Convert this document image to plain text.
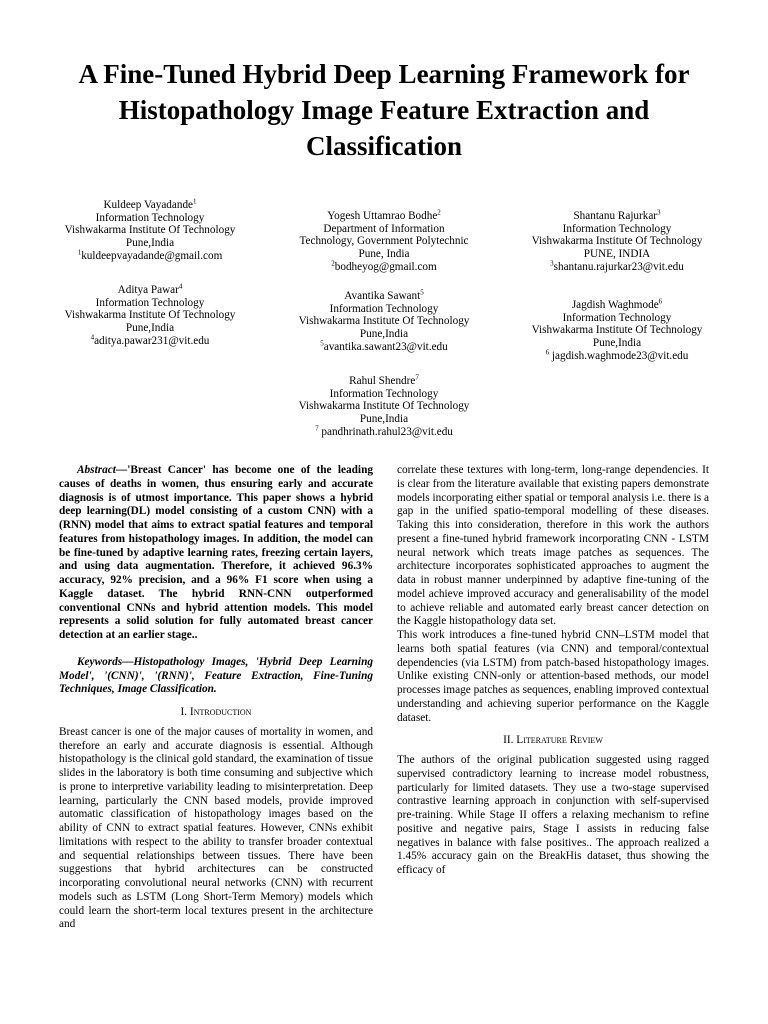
A Fine-Tuned Hybrid Deep Learning Framework for Histopathology Image Feature Extraction and Classification
Kuldeep Vayadande$^1$
Information Technology
Vishwakarma Institute Of Technology
Pune,India
$^1$kuldeepvayadande@gmail.com
Yogesh Uttamrao Bodhe$^2$
Department of Information
Technology, Government Polytechnic
Pune, India
$^2$bodheyog@gmail.com
Shantanu Rajurkar$^3$
Information Technology
Vishwakarma Institute Of Technology
PUNE, INDIA
$^3$shantanu.rajurkar23@vit.edu
Aditya Pawar$^4$
Information Technology
Vishwakarma Institute Of Technology
Pune,India
$^4$aditya.pawar231@vit.edu
Avantika Sawant$^5$
Information Technology
Vishwakarma Institute Of Technology
Pune,India
$^5$avantika.sawant23@vit.edu
Jagdish Waghmode$^6$
Information Technology
Vishwakarma Institute Of Technology
Pune,India
$^6$ jagdish.waghmode23@vit.edu
Rahul Shendre$^7$
Information Technology
Vishwakarma Institute Of Technology
Pune,India
$^7$ pandhrinath.rahul23@vit.edu

Abstract—'Breast Cancer' has become one of the leading causes of deaths in women, thus ensuring early and accurate diagnosis is of utmost importance. This paper shows a hybrid deep learning(DL) model consisting of a custom CNN) with a (RNN) model that aims to extract spatial features and temporal features from histopathology images. In addition, the model can be fine-tuned by adaptive learning rates, freezing certain layers, and using data augmentation. Therefore, it achieved 96.3% accuracy, 92% precision, and a 96% F1 score when using a Kaggle dataset. The hybrid RNN-CNN outperformed conventional CNNs and hybrid attention models. This model represents a solid solution for fully automated breast cancer detection at an earlier stage..

Keywords—Histopathology Images, 'Hybrid Deep Learning Model', '(CNN)', '(RNN)', Feature Extraction, Fine-Tuning Techniques, Image Classification.

I. Introduction

Breast cancer is one of the major causes of mortality in women, and therefore an early and accurate diagnosis is essential. Although histopathology is the clinical gold standard, the examination of tissue slides in the laboratory is both time consuming and subjective which is prone to interpretive variability leading to misinterpretation. Deep learning, particularly the CNN based models, provide improved automatic classification of histopathology images based on the ability of CNN to extract spatial features. However, CNNs exhibit limitations with respect to the ability to transfer broader contextual and sequential relationships between tissues. There have been suggestions that hybrid architectures can be constructed incorporating convolutional neural networks (CNN) with recurrent models such as LSTM (Long Short-Term Memory) models which could learn the short-term local textures present in the architecture and

correlate these textures with long-term, long-range dependencies. It is clear from the literature available that existing papers demonstrate models incorporating either spatial or temporal analysis i.e. there is a gap in the unified spatio-temporal modelling of these diseases. Taking this into consideration, therefore in this work the authors present a fine-tuned hybrid framework incorporating CNN - LSTM neural network which treats image patches as sequences. The architecture incorporates sophisticated approaches to augment the data in robust manner underpinned by adaptive fine-tuning of the model achieve improved accuracy and generalisability of the model to achieve reliable and automated early breast cancer detection on the Kaggle histopathology data set.

This work introduces a fine-tuned hybrid CNN–LSTM model that learns both spatial features (via CNN) and temporal/contextual dependencies (via LSTM) from patch-based histopathology images. Unlike existing CNN-only or attention-based methods, our model processes image patches as sequences, enabling improved contextual understanding and achieving superior performance on the Kaggle dataset.

II. Literature Review

The authors of the original publication suggested using ragged supervised contradictory learning to increase model robustness, particularly for limited datasets. They use a two-stage supervised contrastive learning approach in conjunction with self-supervised pre-training. While Stage II offers a relaxing mechanism to refine positive and negative pairs, Stage I assists in reducing false negatives in balance with false positives.. The approach realized a 1.45% accuracy gain on the BreakHis dataset, thus showing the efficacy of
